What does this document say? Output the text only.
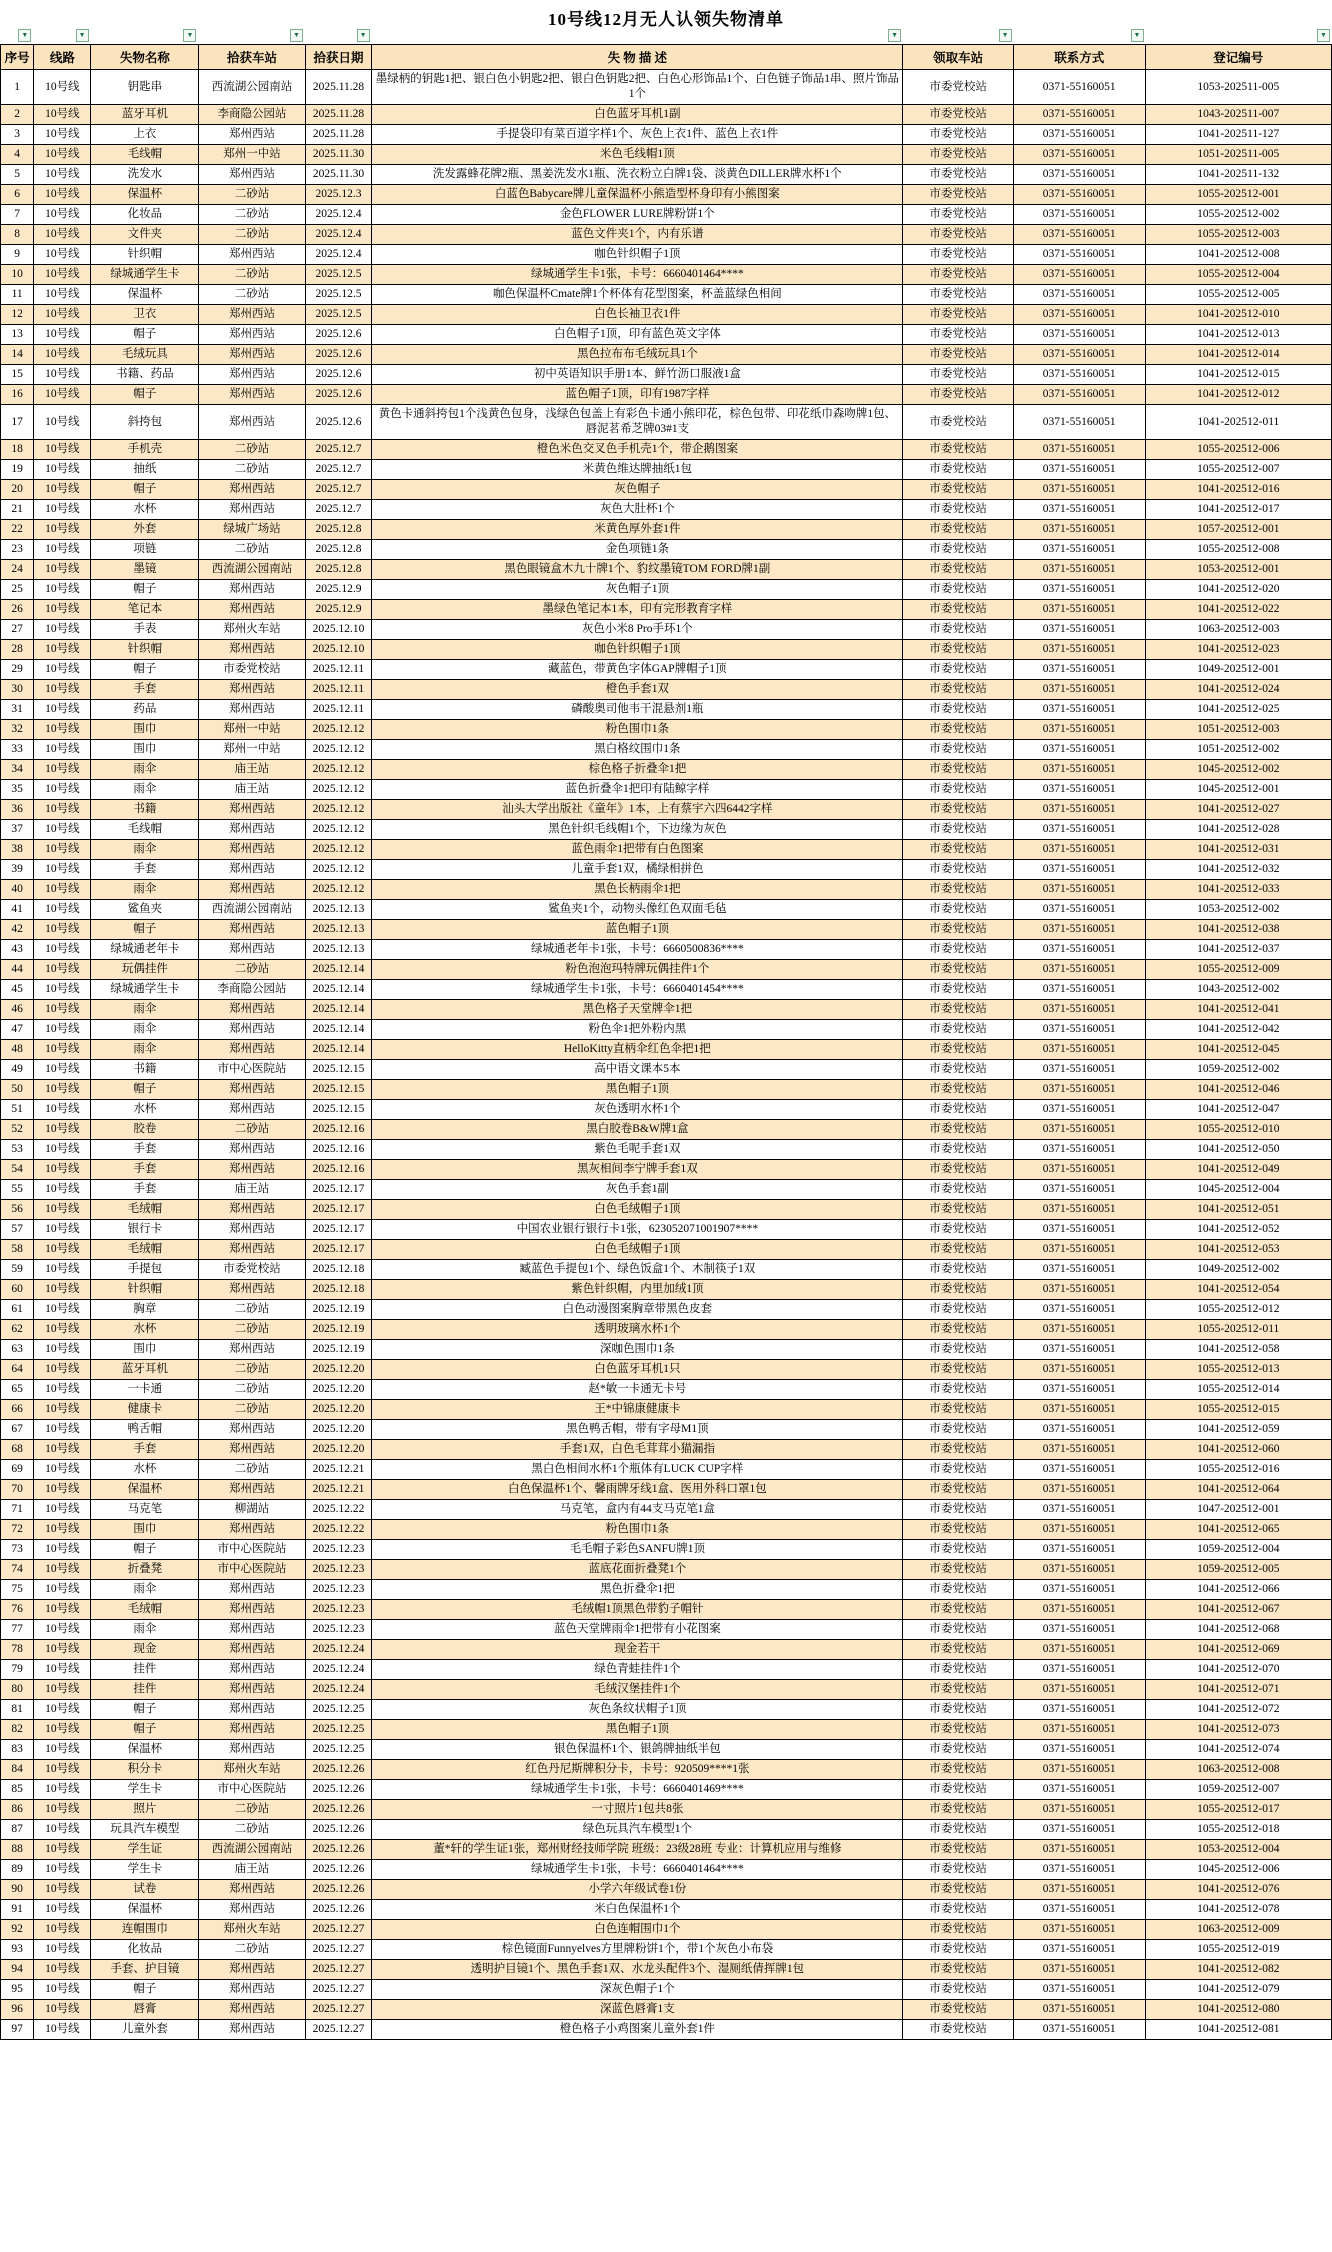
10号线12月无人认领失物清单
▼	▼	▼	▼	▼	▼	▼	▼	▼
序号	线路	失物名称	拾获车站	拾获日期	失 物 描 述	领取车站	联系方式	登记编号
1	10号线	钥匙串	西流湖公园南站	2025.11.28	墨绿柄的钥匙1把、银白色小钥匙2把、银白色钥匙2把、白色心形饰品1个、白色链子饰品1串、照片饰品1个	市委党校站	0371-55160051	1053-202511-005
2	10号线	蓝牙耳机	李商隐公园站	2025.11.28	白色蓝牙耳机1副	市委党校站	0371-55160051	1043-202511-007
3	10号线	上衣	郑州西站	2025.11.28	手提袋印有菜百道字样1个、灰色上衣1件、蓝色上衣1件	市委党校站	0371-55160051	1041-202511-127
4	10号线	毛线帽	郑州一中站	2025.11.30	米色毛线帽1顶	市委党校站	0371-55160051	1051-202511-005
5	10号线	洗发水	郑州西站	2025.11.30	洗发露蜂花牌2瓶、黑姜洗发水1瓶、洗衣粉立白牌1袋、淡黄色DILLER牌水杯1个	市委党校站	0371-55160051	1041-202511-132
6	10号线	保温杯	二砂站	2025.12.3	白蓝色Babycare牌儿童保温杯小熊造型杯身印有小熊图案	市委党校站	0371-55160051	1055-202512-001
7	10号线	化妆品	二砂站	2025.12.4	金色FLOWER LURE牌粉饼1个	市委党校站	0371-55160051	1055-202512-002
8	10号线	文件夹	二砂站	2025.12.4	蓝色文件夹1个，内有乐谱	市委党校站	0371-55160051	1055-202512-003
9	10号线	针织帽	郑州西站	2025.12.4	咖色针织帽子1顶	市委党校站	0371-55160051	1041-202512-008
10	10号线	绿城通学生卡	二砂站	2025.12.5	绿城通学生卡1张，卡号：6660401464****	市委党校站	0371-55160051	1055-202512-004
11	10号线	保温杯	二砂站	2025.12.5	咖色保温杯Cmate牌1个杯体有花型图案，杯盖蓝绿色相间	市委党校站	0371-55160051	1055-202512-005
12	10号线	卫衣	郑州西站	2025.12.5	白色长袖卫衣1件	市委党校站	0371-55160051	1041-202512-010
13	10号线	帽子	郑州西站	2025.12.6	白色帽子1顶，印有蓝色英文字体	市委党校站	0371-55160051	1041-202512-013
14	10号线	毛绒玩具	郑州西站	2025.12.6	黑色拉布布毛绒玩具1个	市委党校站	0371-55160051	1041-202512-014
15	10号线	书籍、药品	郑州西站	2025.12.6	初中英语知识手册1本、鲜竹沥口服液1盒	市委党校站	0371-55160051	1041-202512-015
16	10号线	帽子	郑州西站	2025.12.6	蓝色帽子1顶，印有1987字样	市委党校站	0371-55160051	1041-202512-012
17	10号线	斜挎包	郑州西站	2025.12.6	黄色卡通斜挎包1个浅黄色包身，浅绿色包盖上有彩色卡通小熊印花，棕色包带、印花纸巾森吻牌1包、唇泥茗希芝牌03#1支	市委党校站	0371-55160051	1041-202512-011
18	10号线	手机壳	二砂站	2025.12.7	橙色米色交叉色手机壳1个，带企鹅图案	市委党校站	0371-55160051	1055-202512-006
19	10号线	抽纸	二砂站	2025.12.7	米黄色维达牌抽纸1包	市委党校站	0371-55160051	1055-202512-007
20	10号线	帽子	郑州西站	2025.12.7	灰色帽子	市委党校站	0371-55160051	1041-202512-016
21	10号线	水杯	郑州西站	2025.12.7	灰色大肚杯1个	市委党校站	0371-55160051	1041-202512-017
22	10号线	外套	绿城广场站	2025.12.8	米黄色厚外套1件	市委党校站	0371-55160051	1057-202512-001
23	10号线	项链	二砂站	2025.12.8	金色项链1条	市委党校站	0371-55160051	1055-202512-008
24	10号线	墨镜	西流湖公园南站	2025.12.8	黑色眼镜盒木九十牌1个、豹纹墨镜TOM FORD牌1副	市委党校站	0371-55160051	1053-202512-001
25	10号线	帽子	郑州西站	2025.12.9	灰色帽子1顶	市委党校站	0371-55160051	1041-202512-020
26	10号线	笔记本	郑州西站	2025.12.9	墨绿色笔记本1本，印有完形教育字样	市委党校站	0371-55160051	1041-202512-022
27	10号线	手表	郑州火车站	2025.12.10	灰色小米8 Pro手环1个	市委党校站	0371-55160051	1063-202512-003
28	10号线	针织帽	郑州西站	2025.12.10	咖色针织帽子1顶	市委党校站	0371-55160051	1041-202512-023
29	10号线	帽子	市委党校站	2025.12.11	藏蓝色，带黄色字体GAP牌帽子1顶	市委党校站	0371-55160051	1049-202512-001
30	10号线	手套	郑州西站	2025.12.11	橙色手套1双	市委党校站	0371-55160051	1041-202512-024
31	10号线	药品	郑州西站	2025.12.11	磷酸奥司他韦干混悬剂1瓶	市委党校站	0371-55160051	1041-202512-025
32	10号线	围巾	郑州一中站	2025.12.12	粉色围巾1条	市委党校站	0371-55160051	1051-202512-003
33	10号线	围巾	郑州一中站	2025.12.12	黑白格纹围巾1条	市委党校站	0371-55160051	1051-202512-002
34	10号线	雨伞	庙王站	2025.12.12	棕色格子折叠伞1把	市委党校站	0371-55160051	1045-202512-002
35	10号线	雨伞	庙王站	2025.12.12	蓝色折叠伞1把印有陆鲸字样	市委党校站	0371-55160051	1045-202512-001
36	10号线	书籍	郑州西站	2025.12.12	汕头大学出版社《童年》1本，上有蔡宇六四6442字样	市委党校站	0371-55160051	1041-202512-027
37	10号线	毛线帽	郑州西站	2025.12.12	黑色针织毛线帽1个，下边缘为灰色	市委党校站	0371-55160051	1041-202512-028
38	10号线	雨伞	郑州西站	2025.12.12	蓝色雨伞1把带有白色图案	市委党校站	0371-55160051	1041-202512-031
39	10号线	手套	郑州西站	2025.12.12	儿童手套1双，橘绿相拼色	市委党校站	0371-55160051	1041-202512-032
40	10号线	雨伞	郑州西站	2025.12.12	黑色长柄雨伞1把	市委党校站	0371-55160051	1041-202512-033
41	10号线	鲨鱼夹	西流湖公园南站	2025.12.13	鲨鱼夹1个，动物头像红色双面毛毡	市委党校站	0371-55160051	1053-202512-002
42	10号线	帽子	郑州西站	2025.12.13	蓝色帽子1顶	市委党校站	0371-55160051	1041-202512-038
43	10号线	绿城通老年卡	郑州西站	2025.12.13	绿城通老年卡1张，卡号：6660500836****	市委党校站	0371-55160051	1041-202512-037
44	10号线	玩偶挂件	二砂站	2025.12.14	粉色泡泡玛特牌玩偶挂件1个	市委党校站	0371-55160051	1055-202512-009
45	10号线	绿城通学生卡	李商隐公园站	2025.12.14	绿城通学生卡1张，卡号：6660401454****	市委党校站	0371-55160051	1043-202512-002
46	10号线	雨伞	郑州西站	2025.12.14	黑色格子天堂牌伞1把	市委党校站	0371-55160051	1041-202512-041
47	10号线	雨伞	郑州西站	2025.12.14	粉色伞1把外粉内黑	市委党校站	0371-55160051	1041-202512-042
48	10号线	雨伞	郑州西站	2025.12.14	HelloKitty直柄伞红色伞把1把	市委党校站	0371-55160051	1041-202512-045
49	10号线	书籍	市中心医院站	2025.12.15	高中语文课本5本	市委党校站	0371-55160051	1059-202512-002
50	10号线	帽子	郑州西站	2025.12.15	黑色帽子1顶	市委党校站	0371-55160051	1041-202512-046
51	10号线	水杯	郑州西站	2025.12.15	灰色透明水杯1个	市委党校站	0371-55160051	1041-202512-047
52	10号线	胶卷	二砂站	2025.12.16	黑白胶卷B&W牌1盒	市委党校站	0371-55160051	1055-202512-010
53	10号线	手套	郑州西站	2025.12.16	紫色毛呢手套1双	市委党校站	0371-55160051	1041-202512-050
54	10号线	手套	郑州西站	2025.12.16	黑灰相间李宁牌手套1双	市委党校站	0371-55160051	1041-202512-049
55	10号线	手套	庙王站	2025.12.17	灰色手套1副	市委党校站	0371-55160051	1045-202512-004
56	10号线	毛绒帽	郑州西站	2025.12.17	白色毛绒帽子1顶	市委党校站	0371-55160051	1041-202512-051
57	10号线	银行卡	郑州西站	2025.12.17	中国农业银行银行卡1张，623052071001907****	市委党校站	0371-55160051	1041-202512-052
58	10号线	毛绒帽	郑州西站	2025.12.17	白色毛绒帽子1顶	市委党校站	0371-55160051	1041-202512-053
59	10号线	手提包	市委党校站	2025.12.18	臧蓝色手提包1个、绿色饭盒1个、木制筷子1双	市委党校站	0371-55160051	1049-202512-002
60	10号线	针织帽	郑州西站	2025.12.18	紫色针织帽，内里加绒1顶	市委党校站	0371-55160051	1041-202512-054
61	10号线	胸章	二砂站	2025.12.19	白色动漫图案胸章带黑色皮套	市委党校站	0371-55160051	1055-202512-012
62	10号线	水杯	二砂站	2025.12.19	透明玻璃水杯1个	市委党校站	0371-55160051	1055-202512-011
63	10号线	围巾	郑州西站	2025.12.19	深咖色围巾1条	市委党校站	0371-55160051	1041-202512-058
64	10号线	蓝牙耳机	二砂站	2025.12.20	白色蓝牙耳机1只	市委党校站	0371-55160051	1055-202512-013
65	10号线	一卡通	二砂站	2025.12.20	赵*敏一卡通无卡号	市委党校站	0371-55160051	1055-202512-014
66	10号线	健康卡	二砂站	2025.12.20	王*中锦康健康卡	市委党校站	0371-55160051	1055-202512-015
67	10号线	鸭舌帽	郑州西站	2025.12.20	黑色鸭舌帽，带有字母M1顶	市委党校站	0371-55160051	1041-202512-059
68	10号线	手套	郑州西站	2025.12.20	手套1双，白色毛茸茸小猫漏指	市委党校站	0371-55160051	1041-202512-060
69	10号线	水杯	二砂站	2025.12.21	黑白色相间水杯1个瓶体有LUCK CUP字样	市委党校站	0371-55160051	1055-202512-016
70	10号线	保温杯	郑州西站	2025.12.21	白色保温杯1个、馨雨牌牙线1盒、医用外科口罩1包	市委党校站	0371-55160051	1041-202512-064
71	10号线	马克笔	柳湖站	2025.12.22	马克笔，盒内有44支马克笔1盒	市委党校站	0371-55160051	1047-202512-001
72	10号线	围巾	郑州西站	2025.12.22	粉色围巾1条	市委党校站	0371-55160051	1041-202512-065
73	10号线	帽子	市中心医院站	2025.12.23	毛毛帽子彩色SANFU牌1顶	市委党校站	0371-55160051	1059-202512-004
74	10号线	折叠凳	市中心医院站	2025.12.23	蓝底花面折叠凳1个	市委党校站	0371-55160051	1059-202512-005
75	10号线	雨伞	郑州西站	2025.12.23	黑色折叠伞1把	市委党校站	0371-55160051	1041-202512-066
76	10号线	毛绒帽	郑州西站	2025.12.23	毛绒帽1顶黑色带豹子帽针	市委党校站	0371-55160051	1041-202512-067
77	10号线	雨伞	郑州西站	2025.12.23	蓝色天堂牌雨伞1把带有小花图案	市委党校站	0371-55160051	1041-202512-068
78	10号线	现金	郑州西站	2025.12.24	现金若干	市委党校站	0371-55160051	1041-202512-069
79	10号线	挂件	郑州西站	2025.12.24	绿色青蛙挂件1个	市委党校站	0371-55160051	1041-202512-070
80	10号线	挂件	郑州西站	2025.12.24	毛绒汉堡挂件1个	市委党校站	0371-55160051	1041-202512-071
81	10号线	帽子	郑州西站	2025.12.25	灰色条纹状帽子1顶	市委党校站	0371-55160051	1041-202512-072
82	10号线	帽子	郑州西站	2025.12.25	黑色帽子1顶	市委党校站	0371-55160051	1041-202512-073
83	10号线	保温杯	郑州西站	2025.12.25	银色保温杯1个、银鸽牌抽纸半包	市委党校站	0371-55160051	1041-202512-074
84	10号线	积分卡	郑州火车站	2025.12.26	红色丹尼斯牌积分卡，卡号：920509****1张	市委党校站	0371-55160051	1063-202512-008
85	10号线	学生卡	市中心医院站	2025.12.26	绿城通学生卡1张，卡号：6660401469****	市委党校站	0371-55160051	1059-202512-007
86	10号线	照片	二砂站	2025.12.26	一寸照片1包共8张	市委党校站	0371-55160051	1055-202512-017
87	10号线	玩具汽车模型	二砂站	2025.12.26	绿色玩具汽车模型1个	市委党校站	0371-55160051	1055-202512-018
88	10号线	学生证	西流湖公园南站	2025.12.26	董*轩的学生证1张，郑州财经技师学院 班级：23级28班 专业：计算机应用与维修	市委党校站	0371-55160051	1053-202512-004
89	10号线	学生卡	庙王站	2025.12.26	绿城通学生卡1张，卡号：6660401464****	市委党校站	0371-55160051	1045-202512-006
90	10号线	试卷	郑州西站	2025.12.26	小学六年级试卷1份	市委党校站	0371-55160051	1041-202512-076
91	10号线	保温杯	郑州西站	2025.12.26	米白色保温杯1个	市委党校站	0371-55160051	1041-202512-078
92	10号线	连帽围巾	郑州火车站	2025.12.27	白色连帽围巾1个	市委党校站	0371-55160051	1063-202512-009
93	10号线	化妆品	二砂站	2025.12.27	棕色镜面Funnyelves方里牌粉饼1个，带1个灰色小布袋	市委党校站	0371-55160051	1055-202512-019
94	10号线	手套、护目镜	郑州西站	2025.12.27	透明护目镜1个、黑色手套1双、水龙头配件3个、湿厕纸倩挥牌1包	市委党校站	0371-55160051	1041-202512-082
95	10号线	帽子	郑州西站	2025.12.27	深灰色帽子1个	市委党校站	0371-55160051	1041-202512-079
96	10号线	唇膏	郑州西站	2025.12.27	深蓝色唇膏1支	市委党校站	0371-55160051	1041-202512-080
97	10号线	儿童外套	郑州西站	2025.12.27	橙色格子小鸡图案儿童外套1件	市委党校站	0371-55160051	1041-202512-081
